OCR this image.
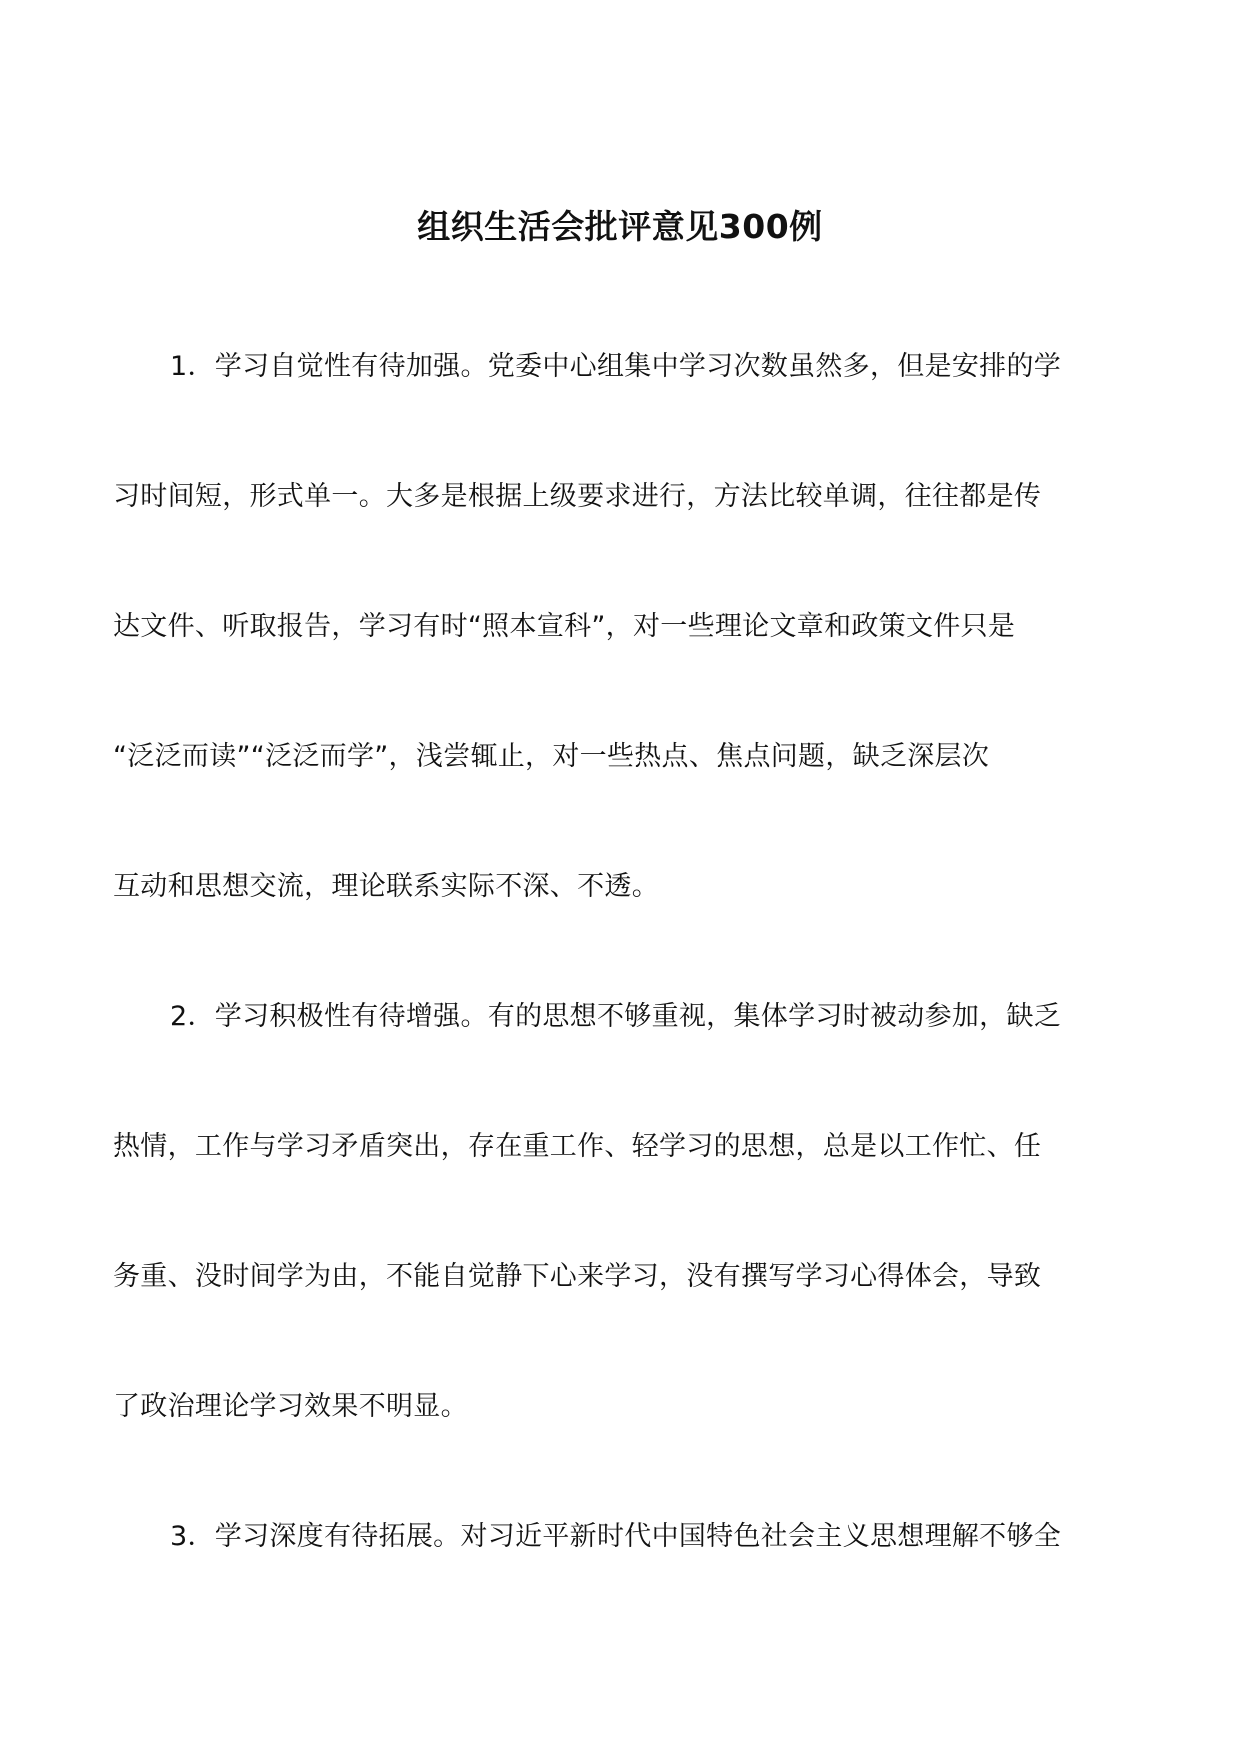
组织生活会批评意见300例
1．学习自觉性有待加强。党委中心组集中学习次数虽然多，但是安排的学
习时间短，形式单一。大多是根据上级要求进行，方法比较单调，往往都是传
达文件、听取报告，学习有时“照本宣科”，对一些理论文章和政策文件只是
“泛泛而读”“泛泛而学”，浅尝辄止，对一些热点、焦点问题，缺乏深层次
互动和思想交流，理论联系实际不深、不透。
2．学习积极性有待增强。有的思想不够重视，集体学习时被动参加，缺乏
热情，工作与学习矛盾突出，存在重工作、轻学习的思想，总是以工作忙、任
务重、没时间学为由，不能自觉静下心来学习，没有撰写学习心得体会，导致
了政治理论学习效果不明显。
3．学习深度有待拓展。对习近平新时代中国特色社会主义思想理解不够全
